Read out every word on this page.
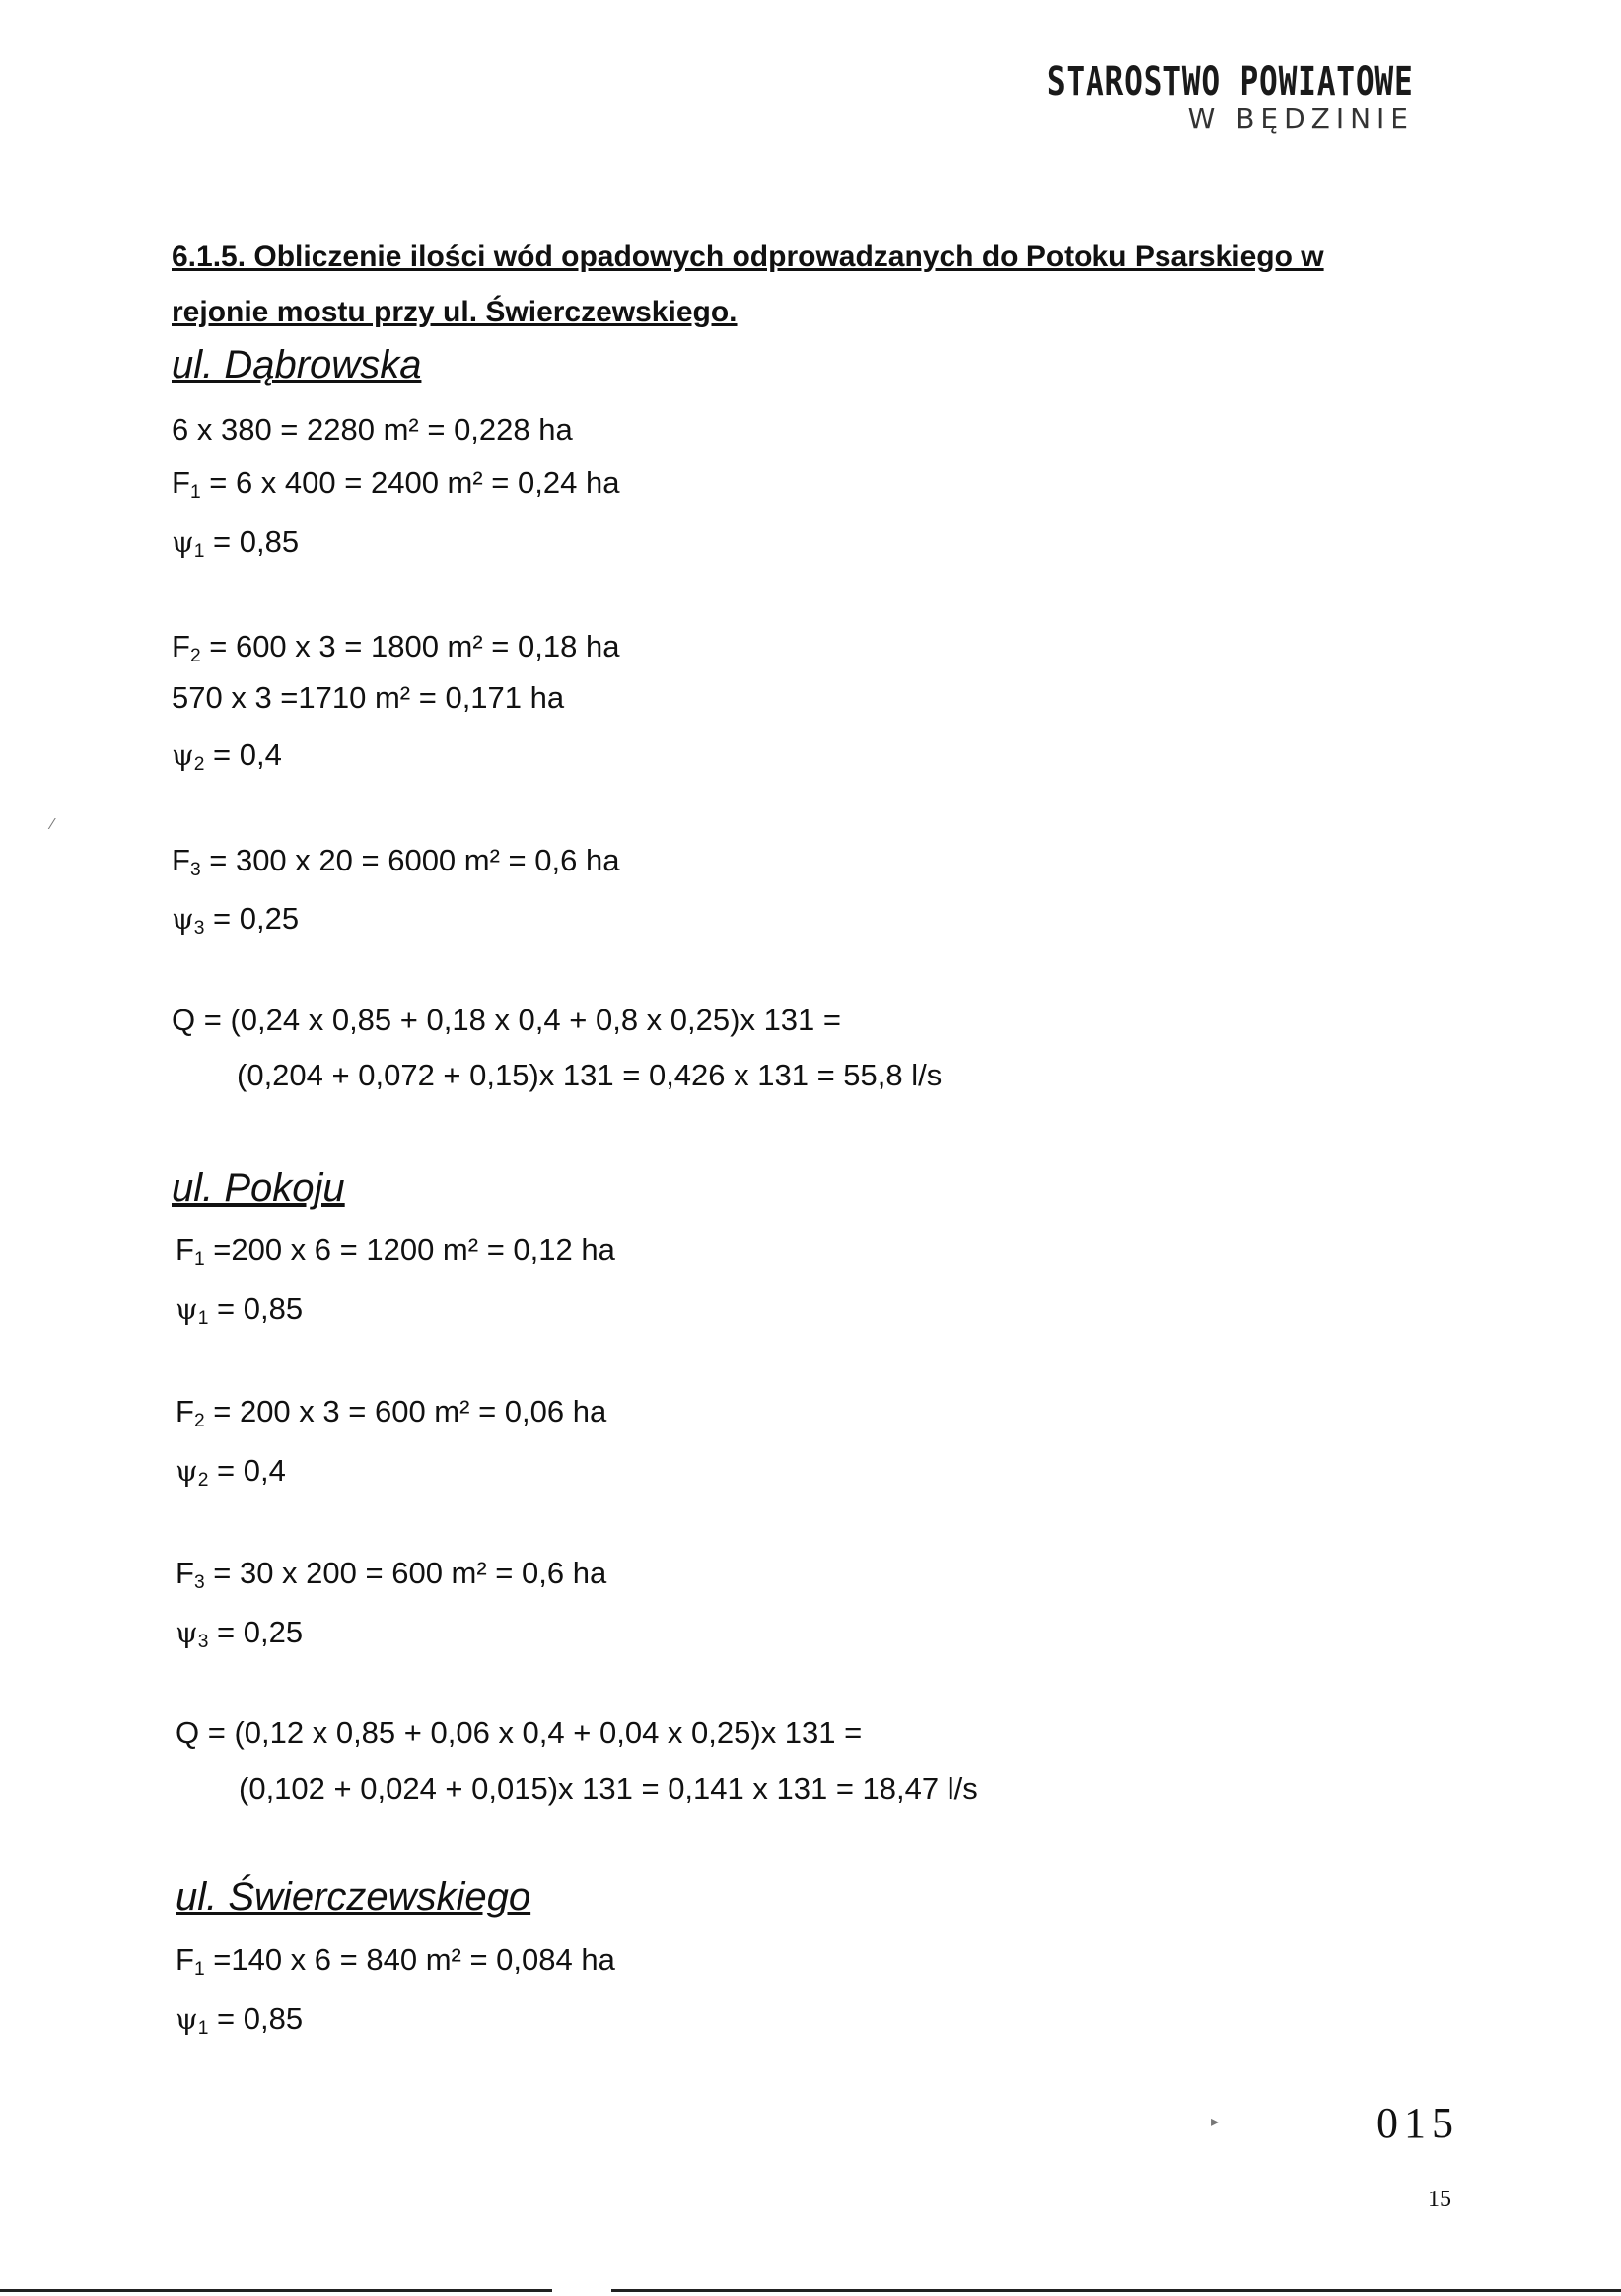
STAROSTWO POWIATOWE
W BĘDZINIE
6.1.5. Obliczenie ilości wód opadowych odprowadzanych do Potoku Psarskiego w rejonie mostu przy ul. Świerczewskiego.
ul. Dąbrowska
6 x 380 = 2280 m² = 0,228 ha
$F_1 = 6$ x 400 = 2400 m² = 0,24 ha
$\psi_1 = 0,85$
$F_2 = 600$ x 3 = 1800 m² = 0,18 ha
570 x 3 =1710 m² = 0,171 ha
$\psi_2 = 0,4$
$F_3 = 300$ x 20 = 6000 m² = 0,6 ha
$\psi_3 = 0,25$
Q = (0,24 x 0,85 + 0,18 x 0,4 + 0,8 x 0,25)x 131 =
(0,204 + 0,072 + 0,15)x 131 = 0,426 x 131 = 55,8 l/s
ul. Pokoju
$F_1 =200$ x 6 = 1200 m² = 0,12 ha
$\psi_1 = 0,85$
$F_2 = 200$ x 3 = 600 m² = 0,06 ha
$\psi_2 = 0,4$
$F_3 = 30$ x 200 = 600 m² = 0,6 ha
$\psi_3 = 0,25$
Q = (0,12 x 0,85 + 0,06 x 0,4 + 0,04 x 0,25)x 131 =
(0,102 + 0,024 + 0,015)x 131 = 0,141 x 131 = 18,47 l/s
ul. Świerczewskiego
$F_1 =140$ x 6 = 840 m² = 0,084 ha
$\psi_1 = 0,85$
⁄
▸	015
15
